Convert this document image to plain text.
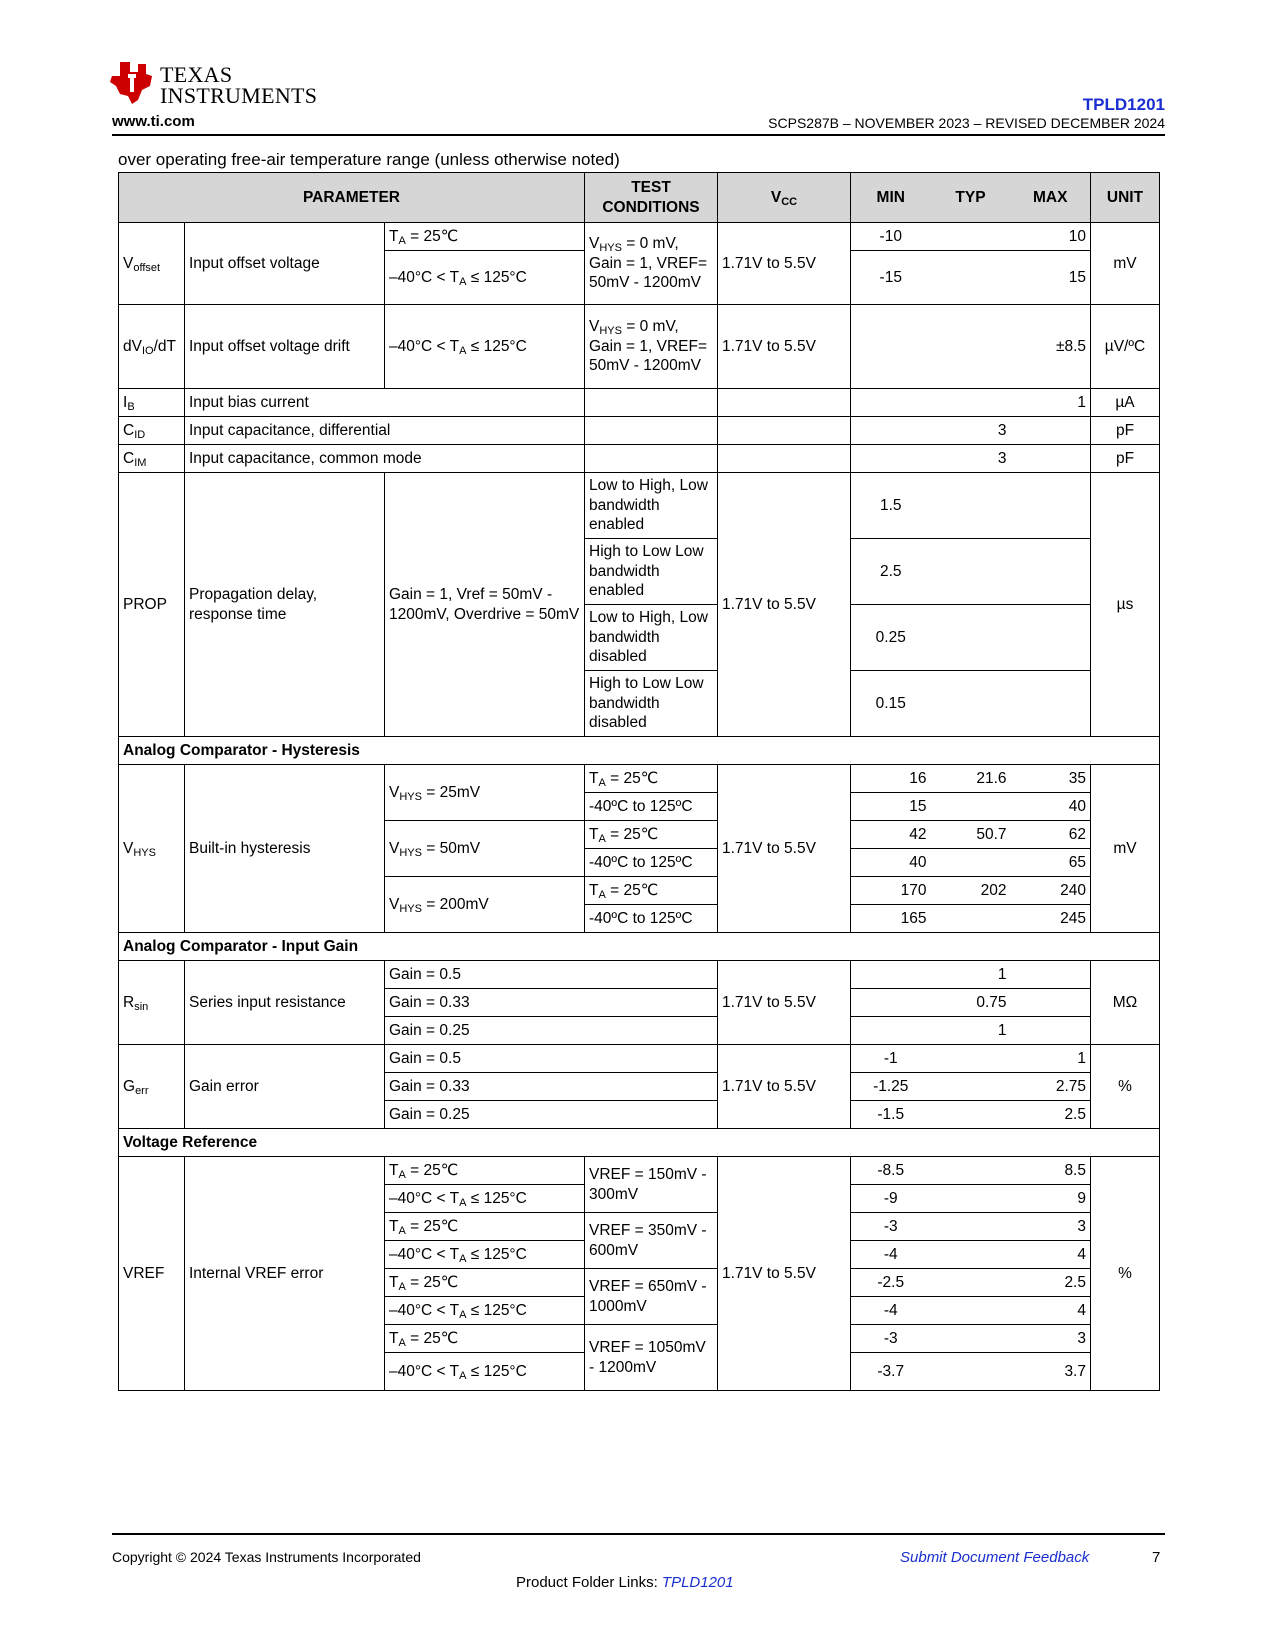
TEXAS
INSTRUMENTS
www.ti.com
TPLD1201
SCPS287B – NOVEMBER 2023 – REVISED DECEMBER 2024
over operating free-air temperature range (unless otherwise noted)
PARAMETER			TEST CONDITIONS	$V_{CC}$	MIN	TYP	MAX	UNIT
$V_{offset}$	Input offset voltage	$T_A$ = 25℃	$V_{HYS} = 0$ mV, Gain = 1, VREF= 50mV - 1200mV	1.71V to 5.5V	-10		10	mV
		$-40^\circ C < T_A \le 125^\circ C$			-15		15	
$dV_{IO}/dT$	Input offset voltage drift	$-40^\circ C < T_A \le 125^\circ C$	$V_{HYS} = 0$ mV, Gain = 1, VREF= 50mV - 1200mV	1.71V to 5.5V			±8.5	µV/ºC
$I_B$	Input bias current						1	µA
$C_{ID}$	Input capacitance, differential					3		pF
$C_{IM}$	Input capacitance, common mode					3		pF
PROP	Propagation delay, response time	Gain = 1, Vref = 50mV - 1200mV, Overdrive = 50mV	Low to High, Low bandwidth enabled	1.71V to 5.5V	1.5			µs
			High to Low Low bandwidth enabled		2.5			
			Low to High, Low bandwidth disabled		0.25			
			High to Low Low bandwidth disabled		0.15			
Analog Comparator - Hysteresis								
$V_{HYS}$	Built-in hysteresis	$V_{HYS} = 25mV$	$T_A$ = 25℃	1.71V to 5.5V	16	21.6	35	mV
			-40ºC to 125ºC		15		40	
		$V_{HYS} = 50mV$	$T_A$ = 25℃		42	50.7	62	
			-40ºC to 125ºC		40		65	
		$V_{HYS} = 200mV$	$T_A$ = 25℃		170	202	240	
			-40ºC to 125ºC		165		245	
Analog Comparator - Input Gain								
$R_{sin}$	Series input resistance	Gain = 0.5		1.71V to 5.5V		1		MΩ
		Gain = 0.33				0.75		
		Gain = 0.25				1		
$G_{err}$	Gain error	Gain = 0.5		1.71V to 5.5V	-1		1	%
		Gain = 0.33			-1.25		2.75	
		Gain = 0.25			-1.5		2.5	
Voltage Reference								
VREF	Internal VREF error	$T_A$ = 25℃	VREF = 150mV - 300mV	1.71V to 5.5V	-8.5		8.5	%
		$-40^\circ C < T_A \le 125^\circ C$			-9		9	
		$T_A$ = 25℃	VREF = 350mV - 600mV		-3		3	
		$-40^\circ C < T_A \le 125^\circ C$			-4		4	
		$T_A$ = 25℃	VREF = 650mV - 1000mV		-2.5		2.5	
		$-40^\circ C < T_A \le 125^\circ C$			-4		4	
		$T_A$ = 25℃	VREF = 1050mV - 1200mV		-3		3	
		$-40^\circ C < T_A \le 125^\circ C$			-3.7		3.7	
Copyright © 2024 Texas Instruments Incorporated	Submit Document Feedback	7
Product Folder Links: TPLD1201
